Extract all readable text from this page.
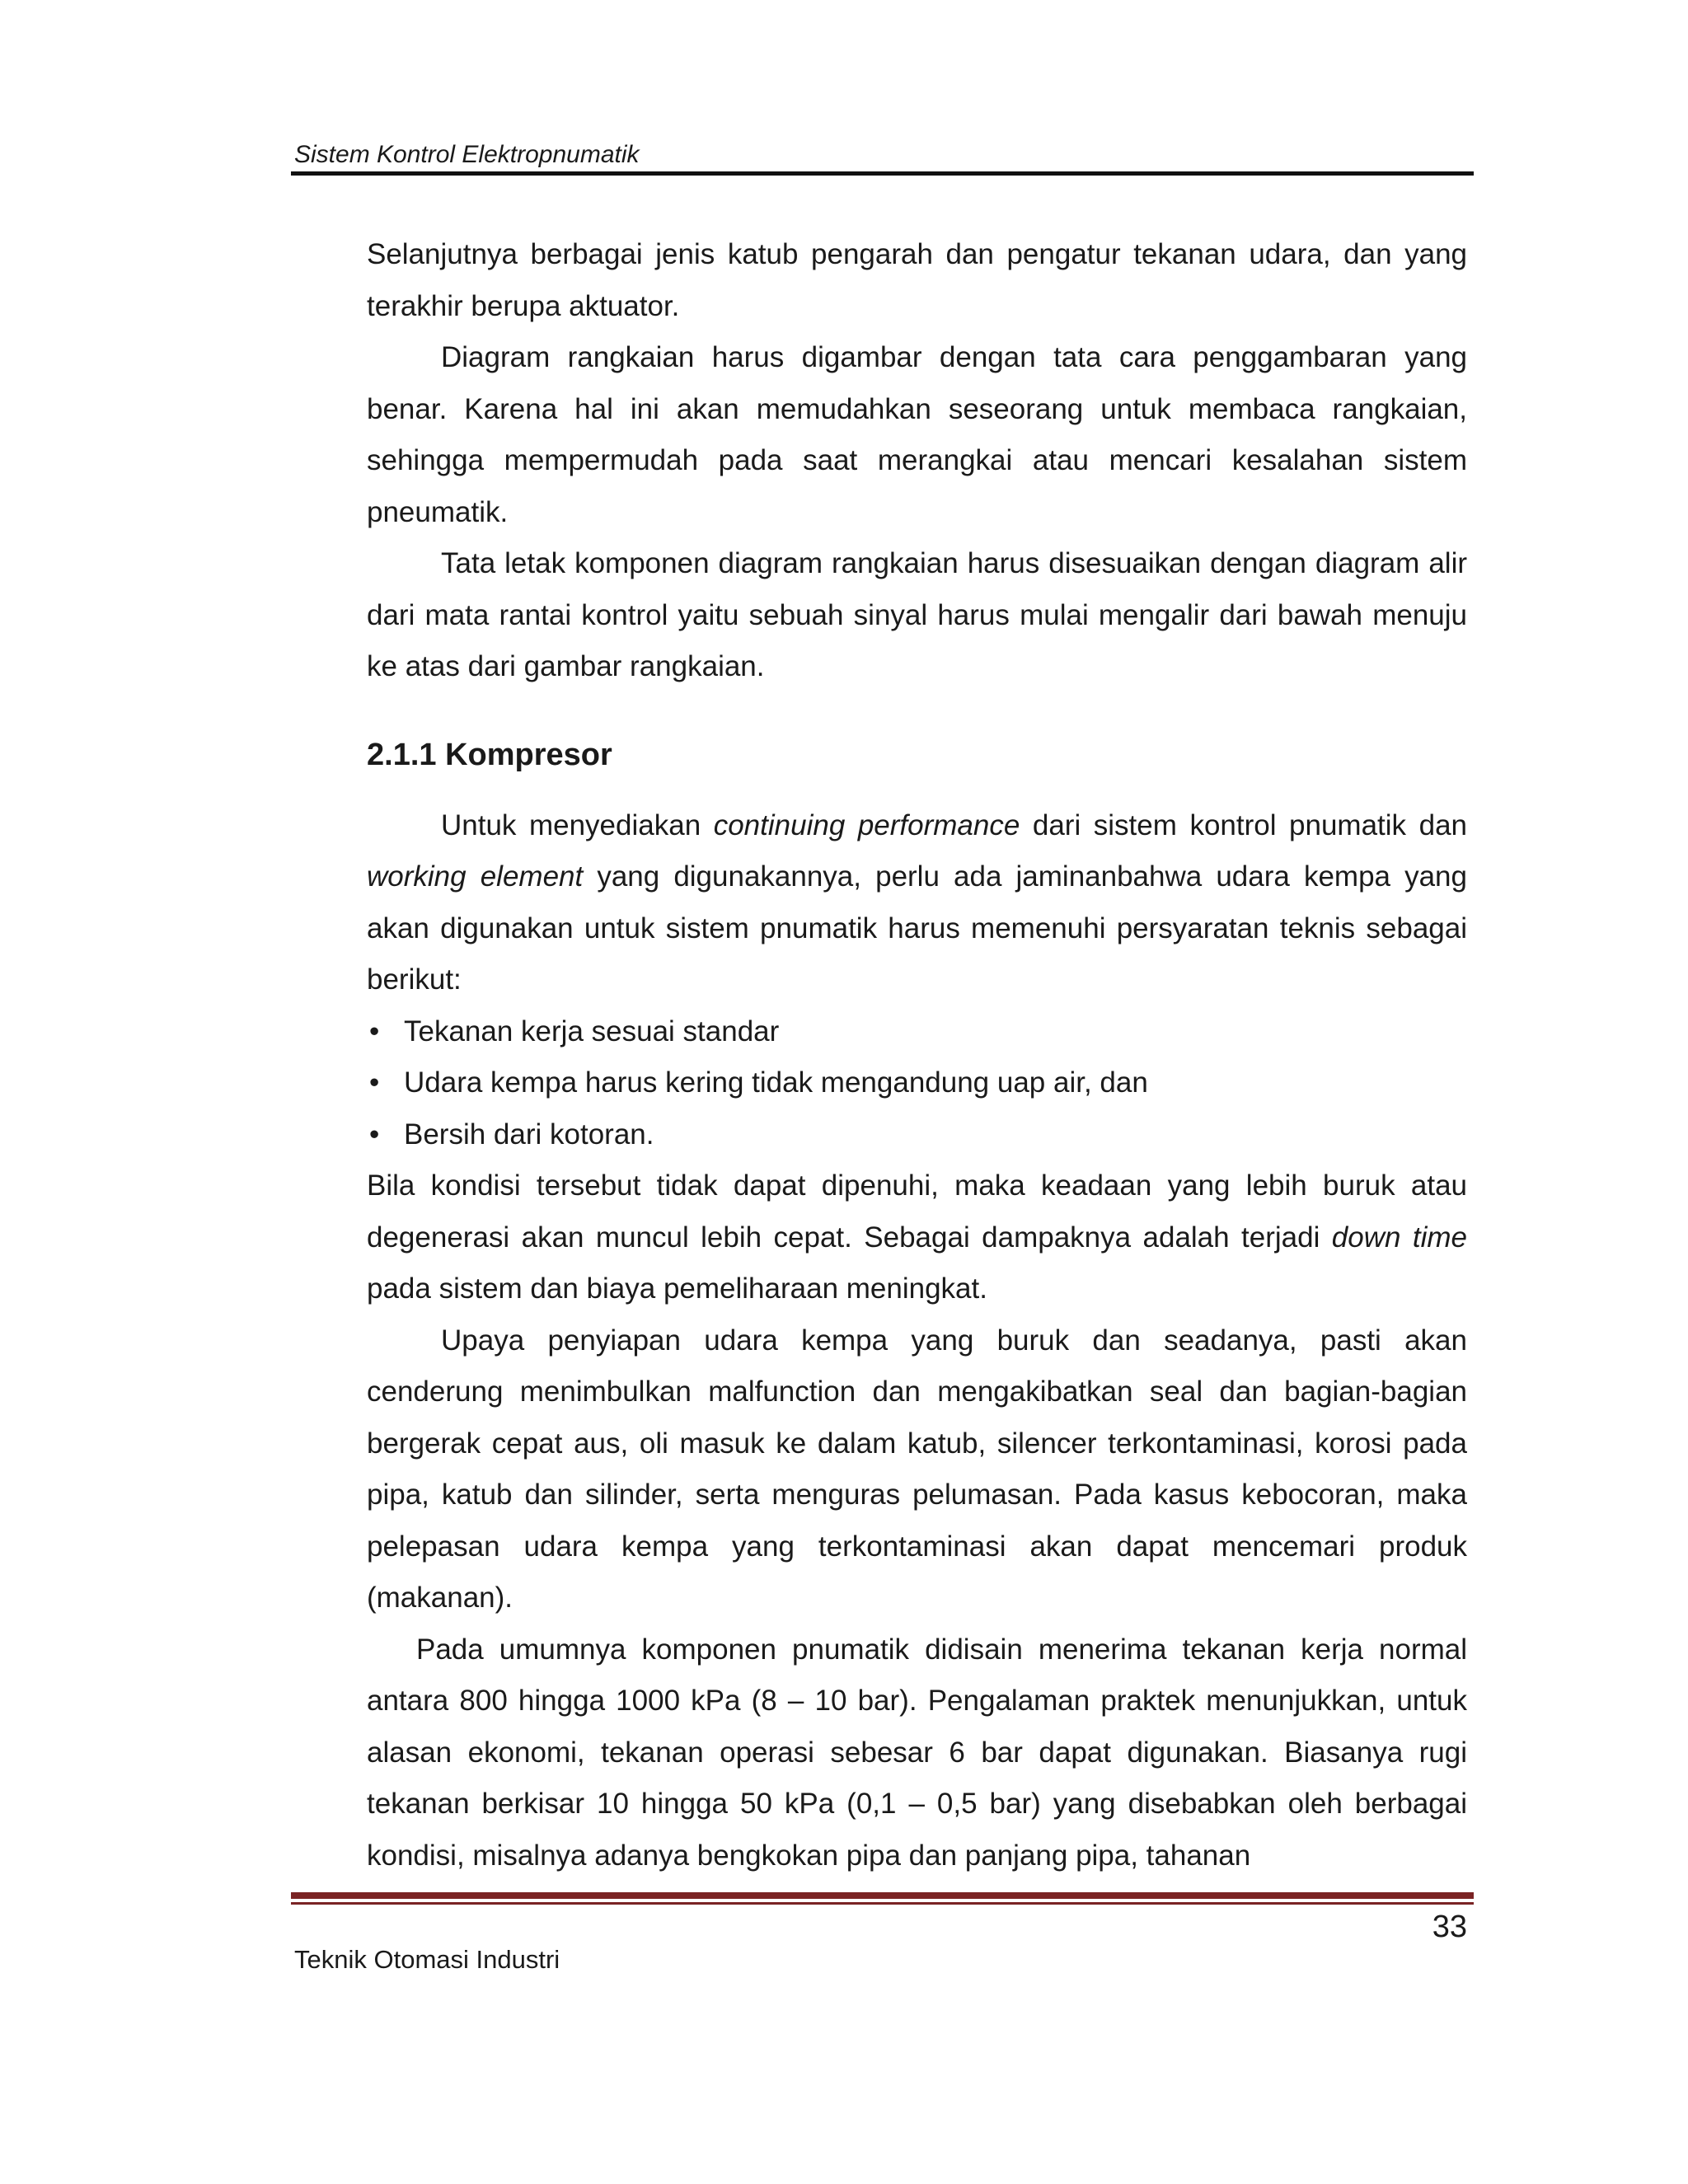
Sistem Kontrol Elektropnumatik

Selanjutnya berbagai jenis katub pengarah dan pengatur tekanan udara, dan yang terakhir berupa aktuator.

Diagram rangkaian harus digambar dengan tata cara penggambaran yang benar. Karena hal ini akan memudahkan seseorang untuk membaca rangkaian, sehingga mempermudah pada saat merangkai atau mencari kesalahan sistem pneumatik.

Tata letak komponen diagram rangkaian harus disesuaikan dengan diagram alir dari mata rantai kontrol yaitu sebuah sinyal harus mulai mengalir dari bawah menuju ke atas dari gambar rangkaian.

2.1.1 Kompresor

Untuk menyediakan continuing performance dari sistem kontrol pnumatik dan working element yang digunakannya, perlu ada jaminanbahwa udara kempa yang akan digunakan untuk sistem pnumatik harus memenuhi persyaratan teknis sebagai berikut:

• Tekanan kerja sesuai standar
• Udara kempa harus kering tidak mengandung uap air, dan
• Bersih dari kotoran.

Bila kondisi tersebut tidak dapat dipenuhi, maka keadaan yang lebih buruk atau degenerasi akan muncul lebih cepat. Sebagai dampaknya adalah terjadi down time pada sistem dan biaya pemeliharaan meningkat.

Upaya penyiapan udara kempa yang buruk dan seadanya, pasti akan cenderung menimbulkan malfunction dan mengakibatkan seal dan bagian-bagian bergerak cepat aus, oli masuk ke dalam katub, silencer terkontaminasi, korosi pada pipa, katub dan silinder, serta menguras pelumasan. Pada kasus kebocoran, maka pelepasan udara kempa yang terkontaminasi akan dapat mencemari produk (makanan).

Pada umumnya komponen pnumatik didisain menerima tekanan kerja normal antara 800 hingga 1000 kPa (8 – 10 bar). Pengalaman praktek menunjukkan, untuk alasan ekonomi, tekanan operasi sebesar 6 bar dapat digunakan. Biasanya rugi tekanan berkisar 10 hingga 50 kPa (0,1 – 0,5 bar) yang disebabkan oleh berbagai kondisi, misalnya adanya bengkokan pipa dan panjang pipa, tahanan

33
Teknik Otomasi Industri
